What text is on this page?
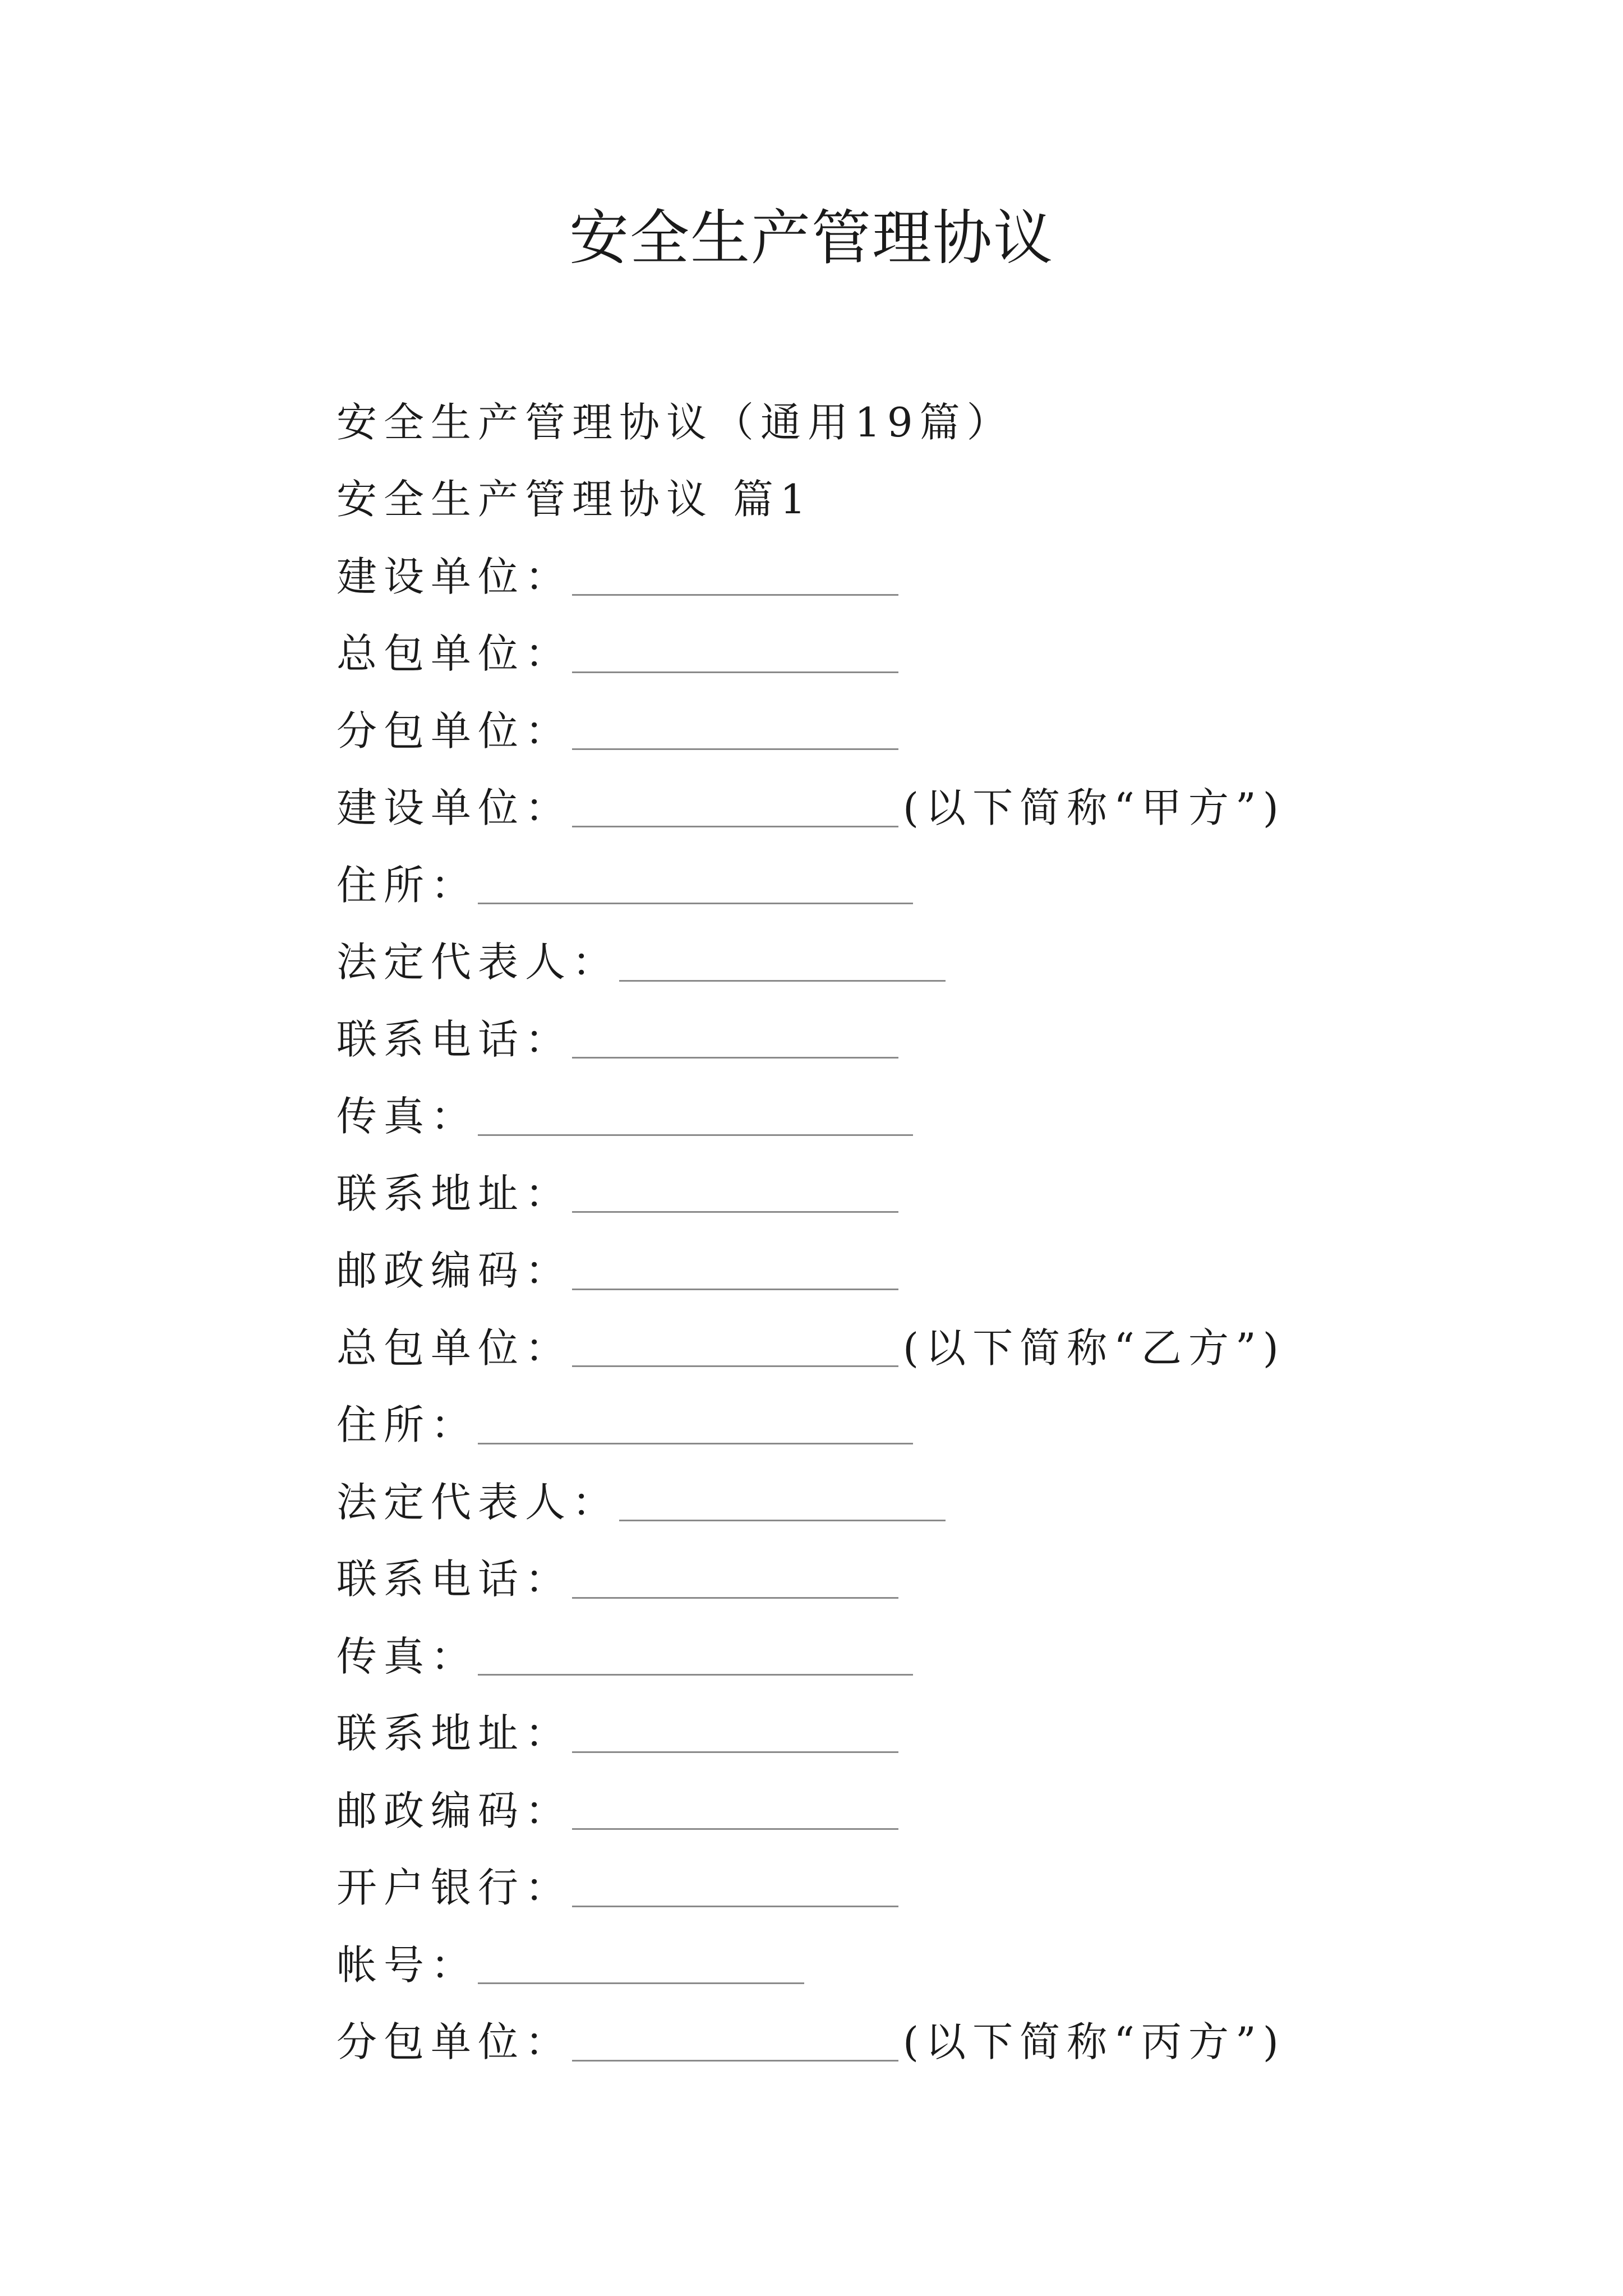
安全生产管理协议
安全生产管理协议（通用19篇）
安全生产管理协议 篇1
建设单位：
总包单位：
分包单位：
建设单位：	(以下简称“甲方”)
住所：
法定代表人：
联系电话：
传真：
联系地址：
邮政编码：
总包单位：	(以下简称“乙方”)
住所：
法定代表人：
联系电话：
传真：
联系地址：
邮政编码：
开户银行：
帐号：
分包单位：	(以下简称“丙方”)
